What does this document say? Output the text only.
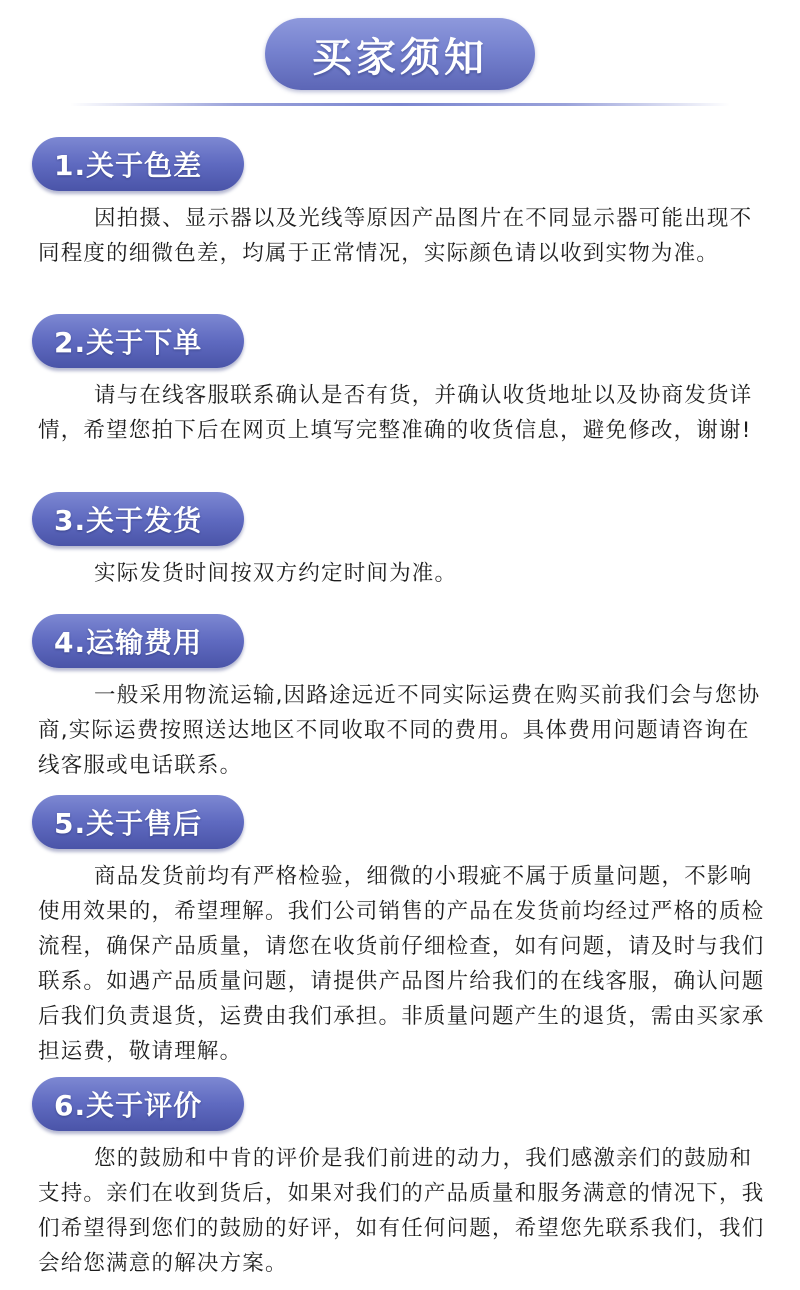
买家须知
1.关于色差

因拍摄、显示器以及光线等原因产品图片在不同显示器可能出现不同程度的细微色差，均属于正常情况，实际颜色请以收到实物为准。

2.关于下单

请与在线客服联系确认是否有货，并确认收货地址以及协商发货详情，希望您拍下后在网页上填写完整准确的收货信息，避免修改，谢谢!

3.关于发货

实际发货时间按双方约定时间为准。

4.运输费用

一般采用物流运输,因路途远近不同实际运费在购买前我们会与您协商,实际运费按照送达地区不同收取不同的费用。具体费用问题请咨询在线客服或电话联系。

5.关于售后

商品发货前均有严格检验，细微的小瑕疵不属于质量问题，不影响使用效果的，希望理解。我们公司销售的产品在发货前均经过严格的质检流程，确保产品质量，请您在收货前仔细检查，如有问题，请及时与我们联系。如遇产品质量问题，请提供产品图片给我们的在线客服，确认问题后我们负责退货，运费由我们承担。非质量问题产生的退货，需由买家承担运费，敬请理解。

6.关于评价

您的鼓励和中肯的评价是我们前进的动力，我们感激亲们的鼓励和支持。亲们在收到货后，如果对我们的产品质量和服务满意的情况下，我们希望得到您们的鼓励的好评，如有任何问题，希望您先联系我们，我们会给您满意的解决方案。
